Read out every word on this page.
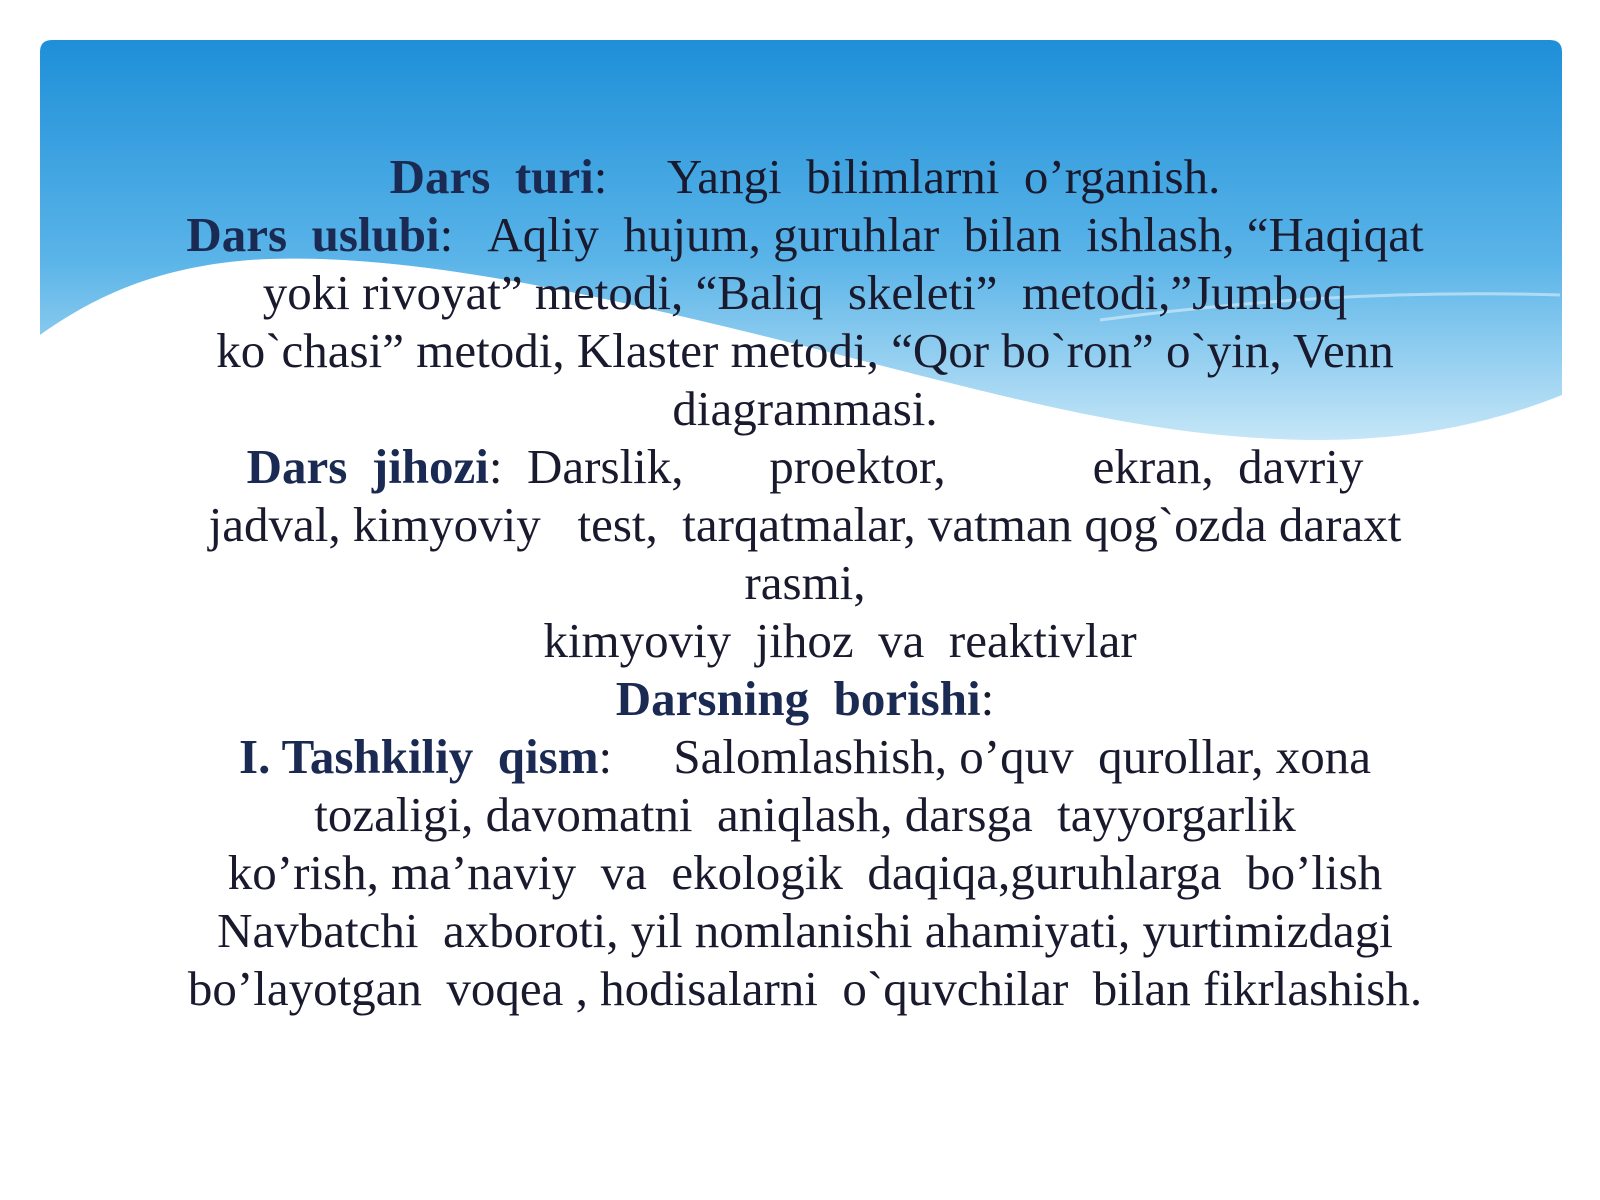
Dars  turi:     Yangi  bilimlarni  o’rganish.
Dars  uslubi:   Aqliy  hujum, guruhlar  bilan  ishlash, “Haqiqat
yoki rivoyat” metodi, “Baliq  skeleti”  metodi,”Jumboq
ko`chasi” metodi, Klaster metodi, “Qor bo`ron” o`yin, Venn
diagrammasi.
Dars  jihozi:  Darslik,       proektor,            ekran,  davriy
jadval, kimyoviy   test,  tarqatmalar, vatman qog`ozda daraxt
rasmi,
kimyoviy  jihoz  va  reaktivlar
Darsning  borishi:
I. Tashkiliy  qism:     Salomlashish, o’quv  qurollar, xona
tozaligi, davomatni  aniqlash, darsga  tayyorgarlik
ko’rish, ma’naviy  va  ekologik  daqiqa,guruhlarga  bo’lish
Navbatchi  axboroti, yil nomlanishi ahamiyati, yurtimizdagi
bo’layotgan  voqea , hodisalarni  o`quvchilar  bilan fikrlashish.
